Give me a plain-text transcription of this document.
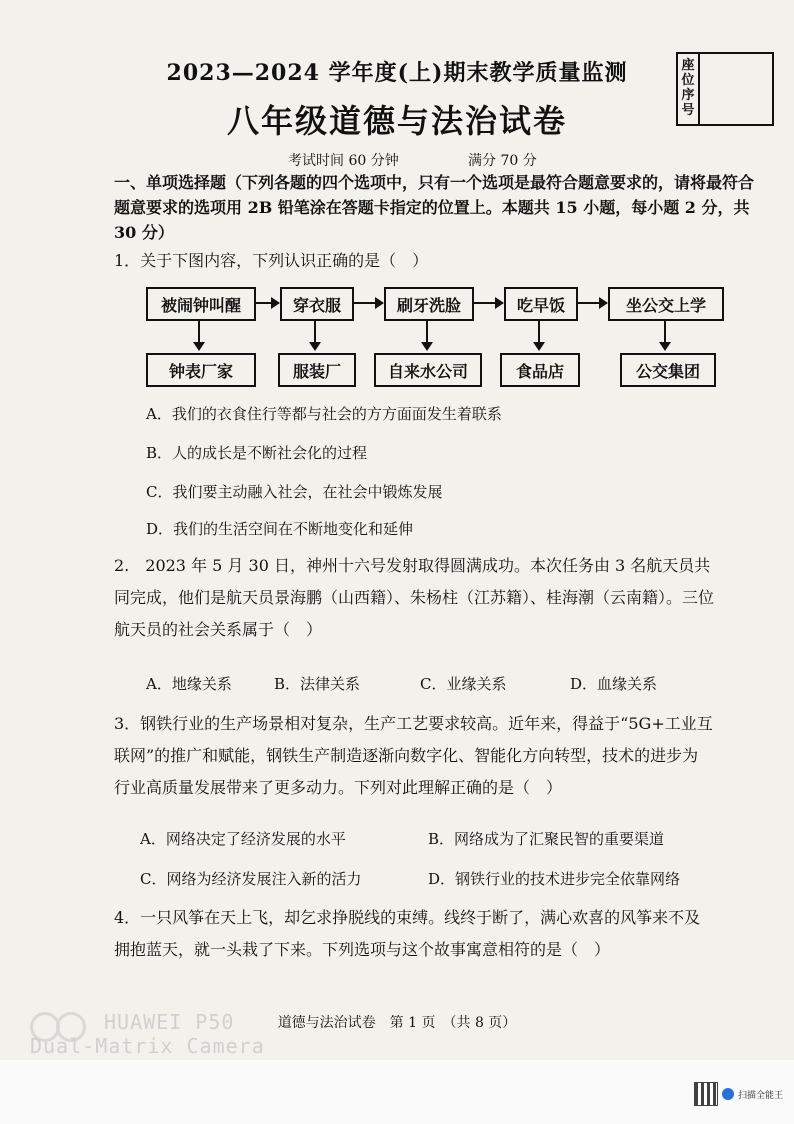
2023—2024 学年度(上)期末教学质量监测
八年级道德与法治试卷
座位序号
考试时间 60 分钟	满分 70 分
一、单项选择题（下列各题的四个选项中，只有一个选项是最符合题意要求的，请将最符合题意要求的选项用 2B 铅笔涂在答题卡指定的位置上。本题共 15 小题，每小题 2 分，共 30 分）
1．关于下图内容，下列认识正确的是（　）
被闹钟叫醒	穿衣服	刷牙洗脸	吃早饭	坐公交上学
钟表厂家	服装厂	自来水公司	食品店	公交集团
A．我们的衣食住行等都与社会的方方面面发生着联系
B．人的成长是不断社会化的过程
C．我们要主动融入社会，在社会中锻炼发展
D．我们的生活空间在不断地变化和延伸
2.　2023 年 5 月 30 日，神州十六号发射取得圆满成功。本次任务由 3 名航天员共同完成，他们是航天员景海鹏（山西籍）、朱杨柱（江苏籍）、桂海潮（云南籍）。三位航天员的社会关系属于（　）
A．地缘关系	B．法律关系	C．业缘关系	D．血缘关系
3．钢铁行业的生产场景相对复杂，生产工艺要求较高。近年来，得益于“5G+工业互联网”的推广和赋能，钢铁生产制造逐渐向数字化、智能化方向转型，技术的进步为行业高质量发展带来了更多动力。下列对此理解正确的是（　）
A．网络决定了经济发展的水平	B．网络成为了汇聚民智的重要渠道
C．网络为经济发展注入新的活力	D．钢铁行业的技术进步完全依靠网络
4．一只风筝在天上飞，却乞求挣脱线的束缚。线终于断了，满心欢喜的风筝来不及拥抱蓝天，就一头栽了下来。下列选项与这个故事寓意相符的是（　）
道德与法治试卷　第 1 页　（共 8 页）
HUAWEI P50
Dual-Matrix Camera
扫描全能王
